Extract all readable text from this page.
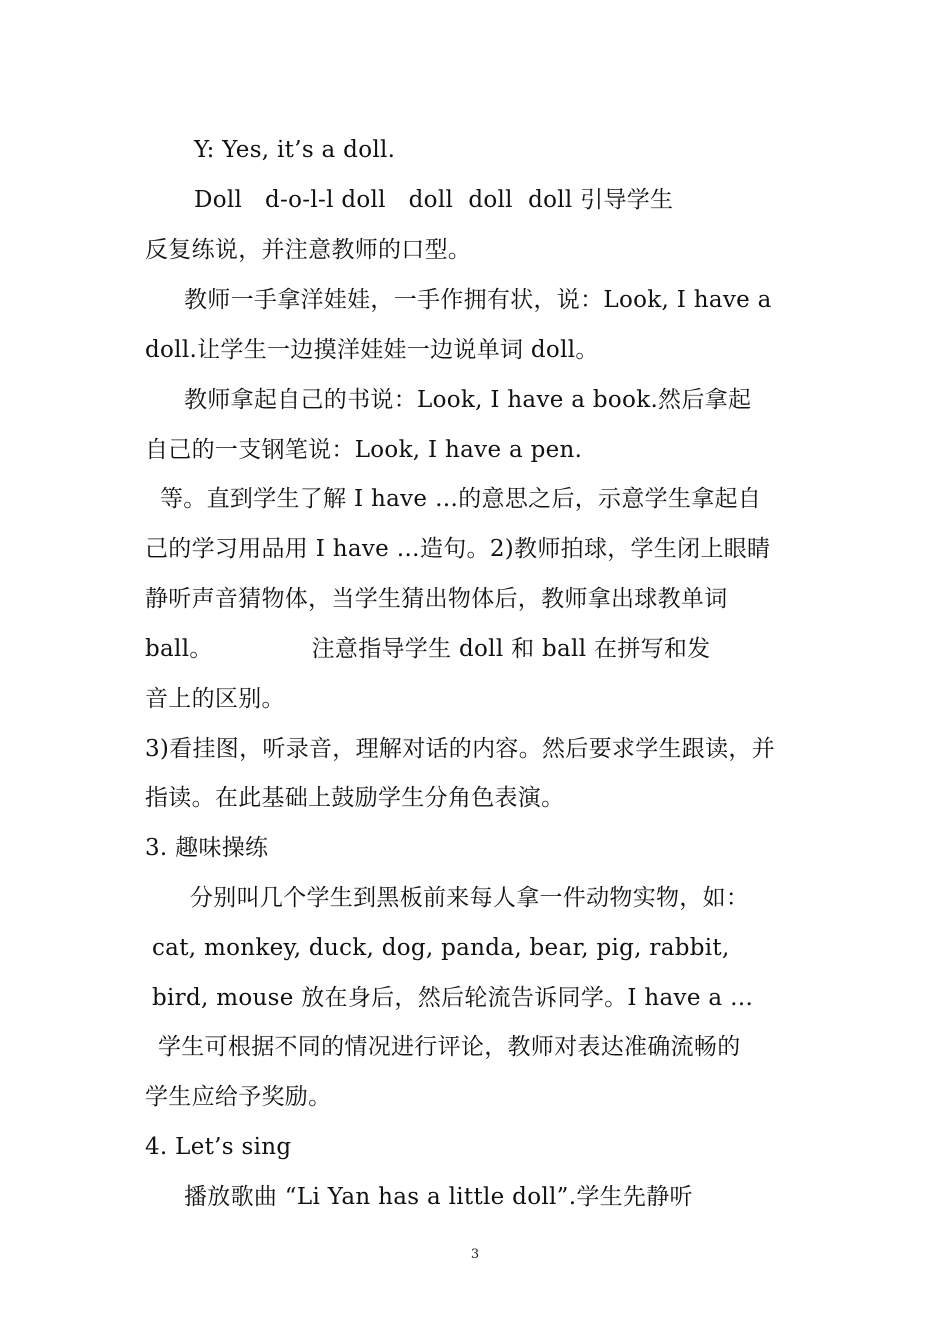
Y: Yes, it’s a doll.
Doll   d-o-l-l doll   doll  doll  doll 引导学生
反复练说，并注意教师的口型。
教师一手拿洋娃娃，一手作拥有状，说：Look, I have a
doll.让学生一边摸洋娃娃一边说单词 doll。
教师拿起自己的书说：Look, I have a book.然后拿起
自己的一支钢笔说：Look, I have a pen.
等。直到学生了解 I have …的意思之后，示意学生拿起自
己的学习用品用 I have …造句。2)教师拍球，学生闭上眼睛
静听声音猜物体，当学生猜出物体后，教师拿出球教单词
ball。             注意指导学生 doll 和 ball 在拼写和发
音上的区别。
3)看挂图，听录音，理解对话的内容。然后要求学生跟读，并
指读。在此基础上鼓励学生分角色表演。
3. 趣味操练
分别叫几个学生到黑板前来每人拿一件动物实物，如：
cat, monkey, duck, dog, panda, bear, pig, rabbit,
bird, mouse 放在身后，然后轮流告诉同学。I have a …
学生可根据不同的情况进行评论，教师对表达准确流畅的
学生应给予奖励。
4. Let’s sing
播放歌曲 “Li Yan has a little doll”.学生先静听
3
